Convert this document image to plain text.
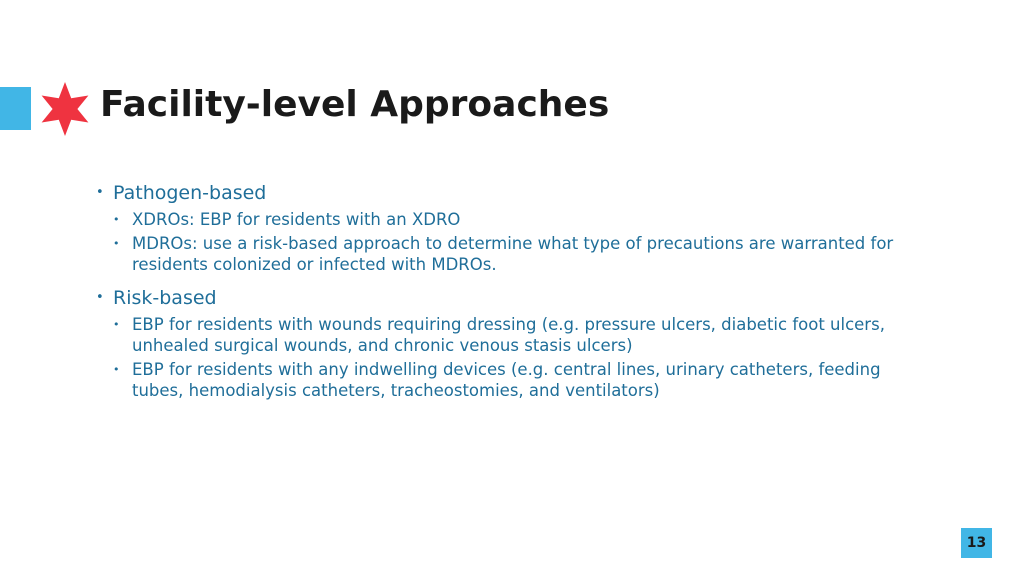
Facility-level Approaches
• Pathogen-based
• XDROs: EBP for residents with an XDRO
• MDROs: use a risk-based approach to determine what type of precautions are warranted for residents colonized or infected with MDROs.
• Risk-based
• EBP for residents with wounds requiring dressing (e.g. pressure ulcers, diabetic foot ulcers, unhealed surgical wounds, and chronic venous stasis ulcers)
• EBP for residents with any indwelling devices (e.g. central lines, urinary catheters, feeding tubes, hemodialysis catheters, tracheostomies, and ventilators)
13
